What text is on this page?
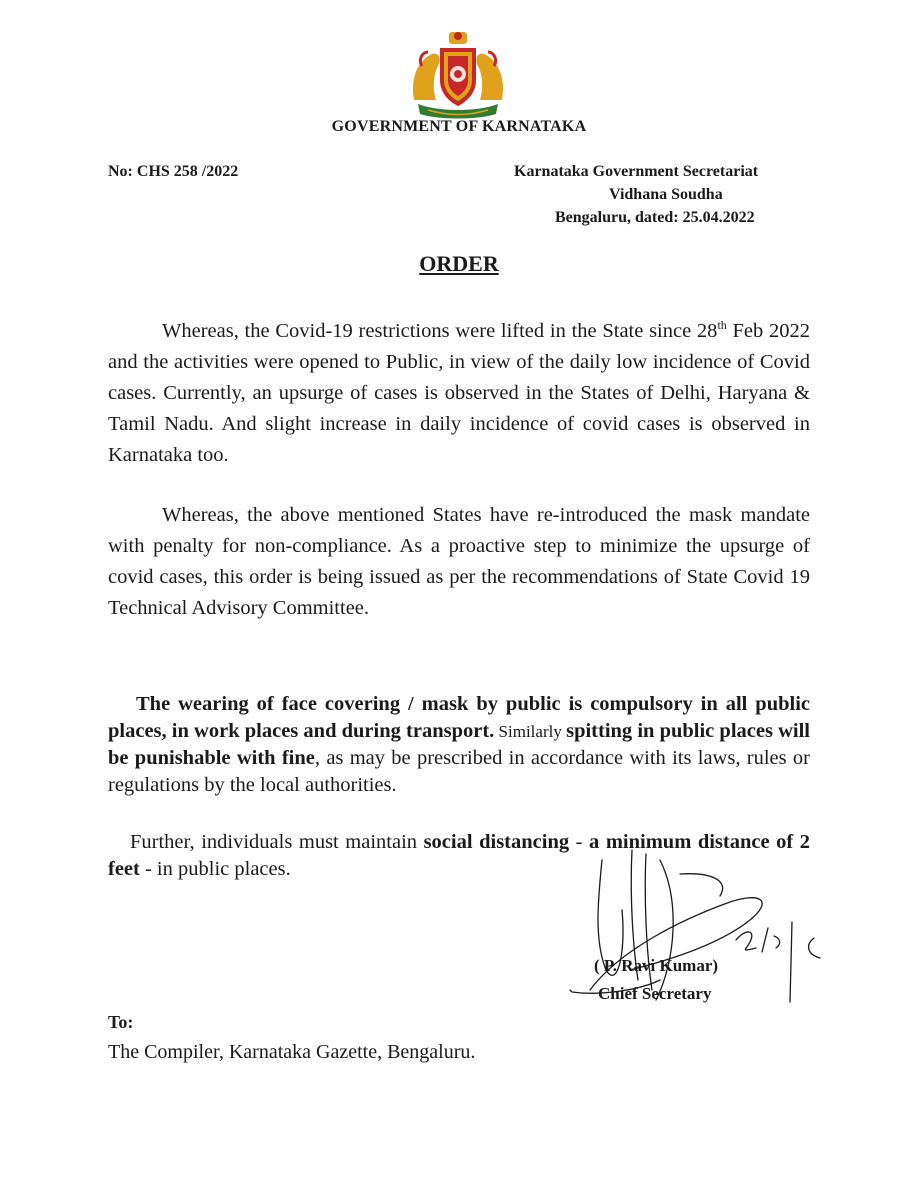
GOVERNMENT OF KARNATAKA
No: CHS 258 /2022	Karnataka Government Secretariat
Vidhana Soudha
Bengaluru, dated: 25.04.2022
ORDER
Whereas, the Covid-19 restrictions were lifted in the State since 28th Feb 2022 and the activities were opened to Public, in view of the daily low incidence of Covid cases. Currently, an upsurge of cases is observed in the States of Delhi, Haryana & Tamil Nadu. And slight increase in daily incidence of covid cases is observed in Karnataka too.
Whereas, the above mentioned States have re-introduced the mask mandate with penalty for non-compliance. As a proactive step to minimize the upsurge of covid cases, this order is being issued as per the recommendations of State Covid 19 Technical Advisory Committee.
The wearing of face covering / mask by public is compulsory in all public places, in work places and during transport. Similarly spitting in public places will be punishable with fine, as may be prescribed in accordance with its laws, rules or regulations by the local authorities.
Further, individuals must maintain social distancing - a minimum distance of 2 feet - in public places.
( P. Ravi Kumar)
Chief Secretary
To:
The Compiler, Karnataka Gazette, Bengaluru.
